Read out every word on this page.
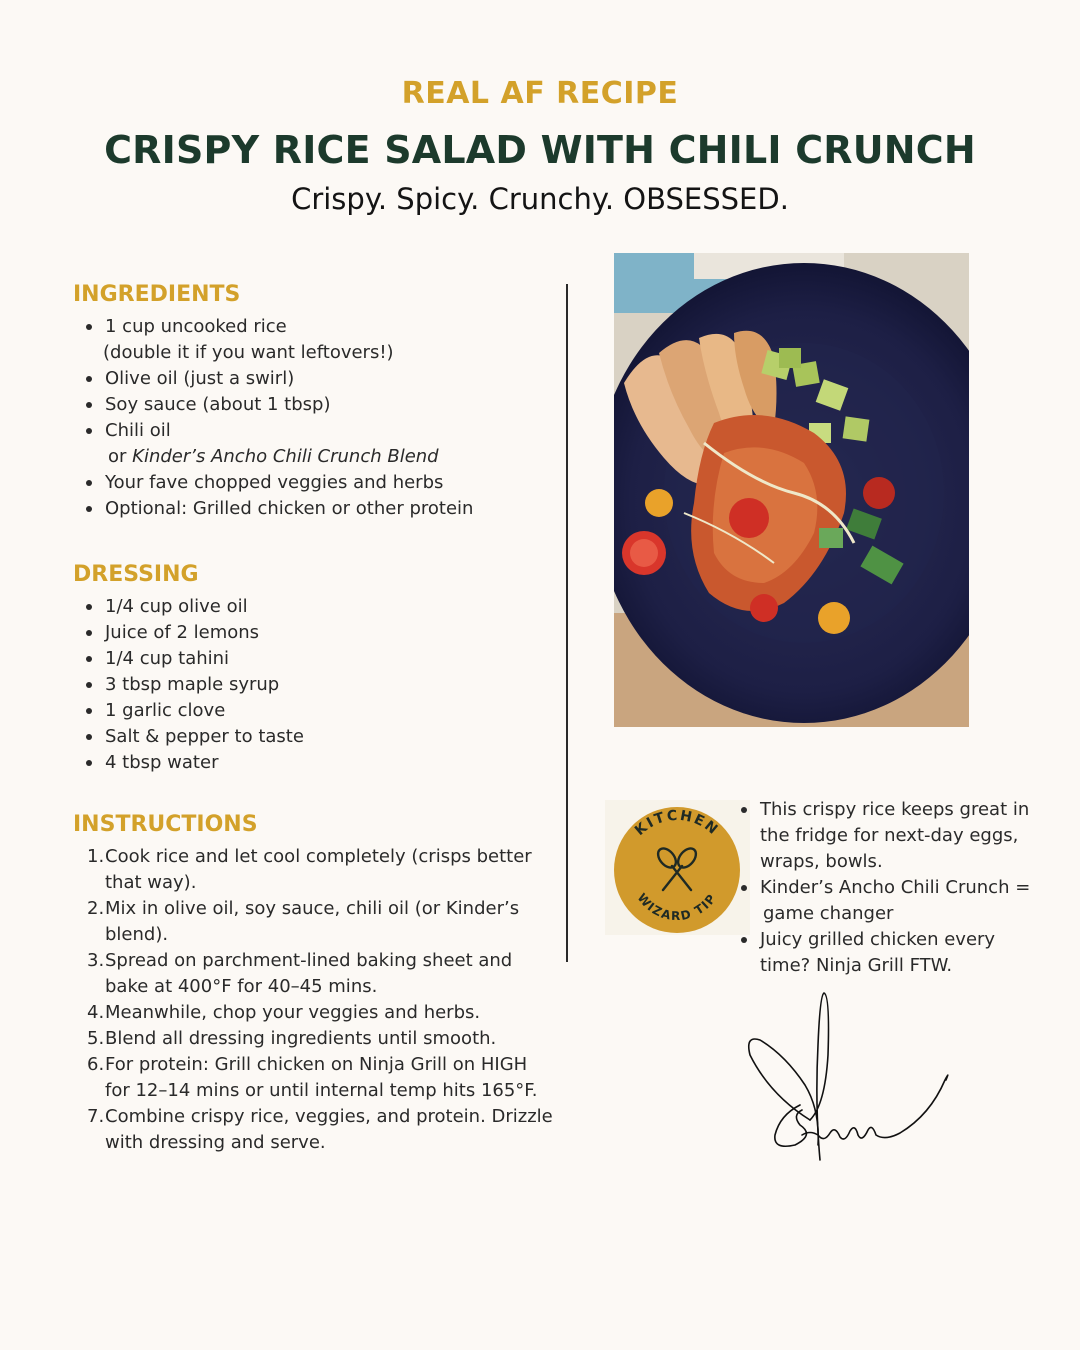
REAL AF RECIPE
CRISPY RICE SALAD WITH CHILI CRUNCH
Crispy. Spicy. Crunchy. OBSESSED.
INGREDIENTS
1 cup uncooked rice
(double it if you want leftovers!)
Olive oil (just a swirl)
Soy sauce (about 1 tbsp)
Chili oil
or Kinder’s Ancho Chili Crunch Blend
Your fave chopped veggies and herbs
Optional: Grilled chicken or other protein
DRESSING
1/4 cup olive oil
Juice of 2 lemons
1/4 cup tahini
3 tbsp maple syrup
1 garlic clove
Salt & pepper to taste
4 tbsp water
INSTRUCTIONS
1. Cook rice and let cool completely (crisps better
that way).
2. Mix in olive oil, soy sauce, chili oil (or Kinder’s
blend).
3. Spread on parchment-lined baking sheet and
bake at 400°F for 40–45 mins.
4. Meanwhile, chop your veggies and herbs.
5. Blend all dressing ingredients until smooth.
6. For protein: Grill chicken on Ninja Grill on HIGH
for 12–14 mins or until internal temp hits 165°F.
7. Combine crispy rice, veggies, and protein. Drizzle
with dressing and serve.
KITCHEN
WIZARD TIP
This crispy rice keeps great in
the fridge for next-day eggs,
wraps, bowls.
Kinder’s Ancho Chili Crunch =
game changer
Juicy grilled chicken every
time? Ninja Grill FTW.
